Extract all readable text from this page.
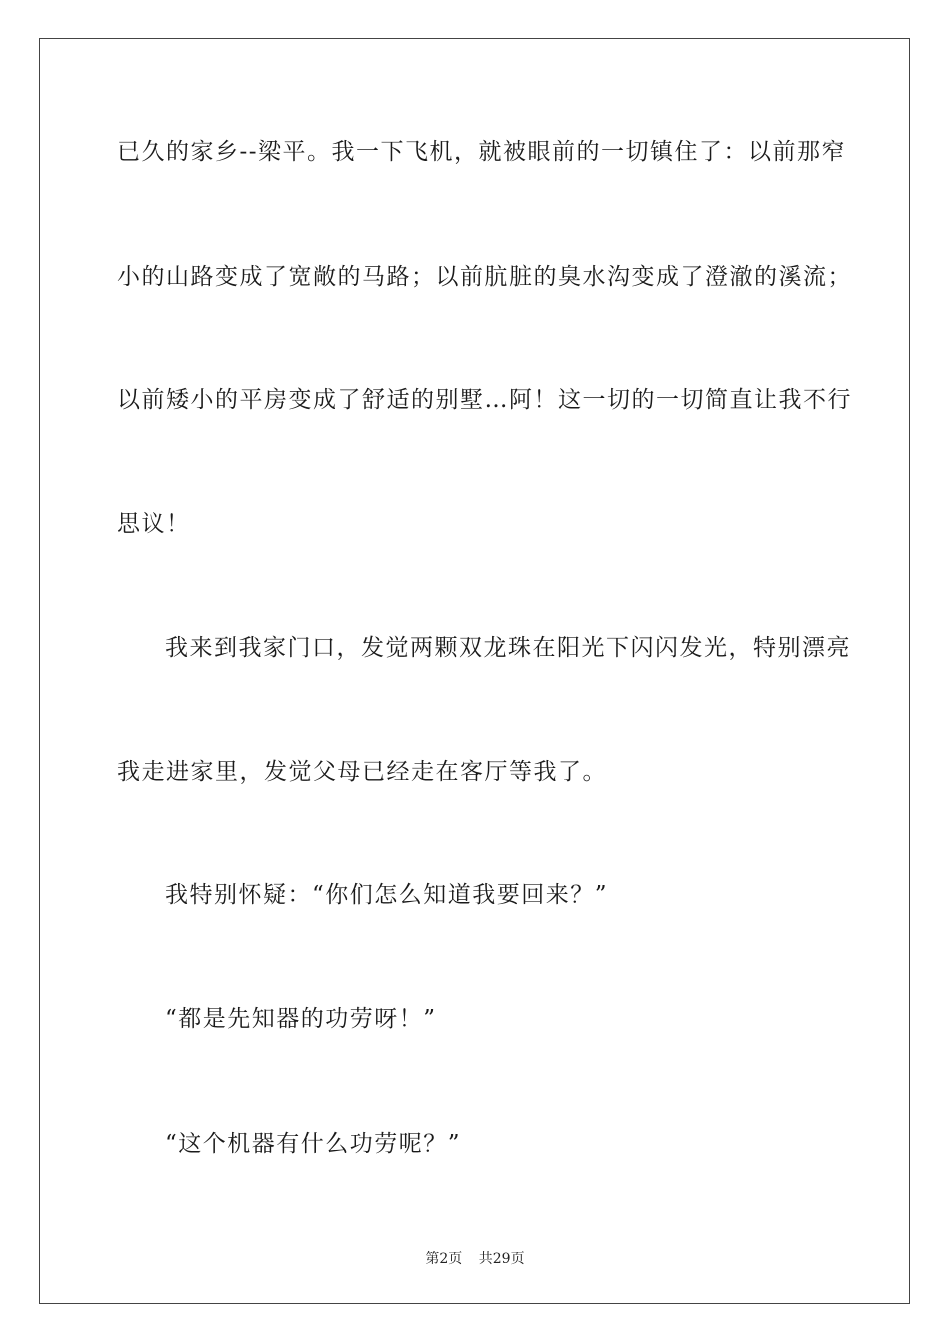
已久的家乡--梁平。我一下飞机，就被眼前的一切镇住了：以前那窄

小的山路变成了宽敞的马路；以前肮脏的臭水沟变成了澄澈的溪流；

以前矮小的平房变成了舒适的别墅…阿！这一切的一切简直让我不行

思议！

我来到我家门口，发觉两颗双龙珠在阳光下闪闪发光，特别漂亮

我走进家里，发觉父母已经走在客厅等我了。

我特别怀疑：“你们怎么知道我要回来？”

“都是先知器的功劳呀！”

“这个机器有什么功劳呢？”

第2页 共29页
